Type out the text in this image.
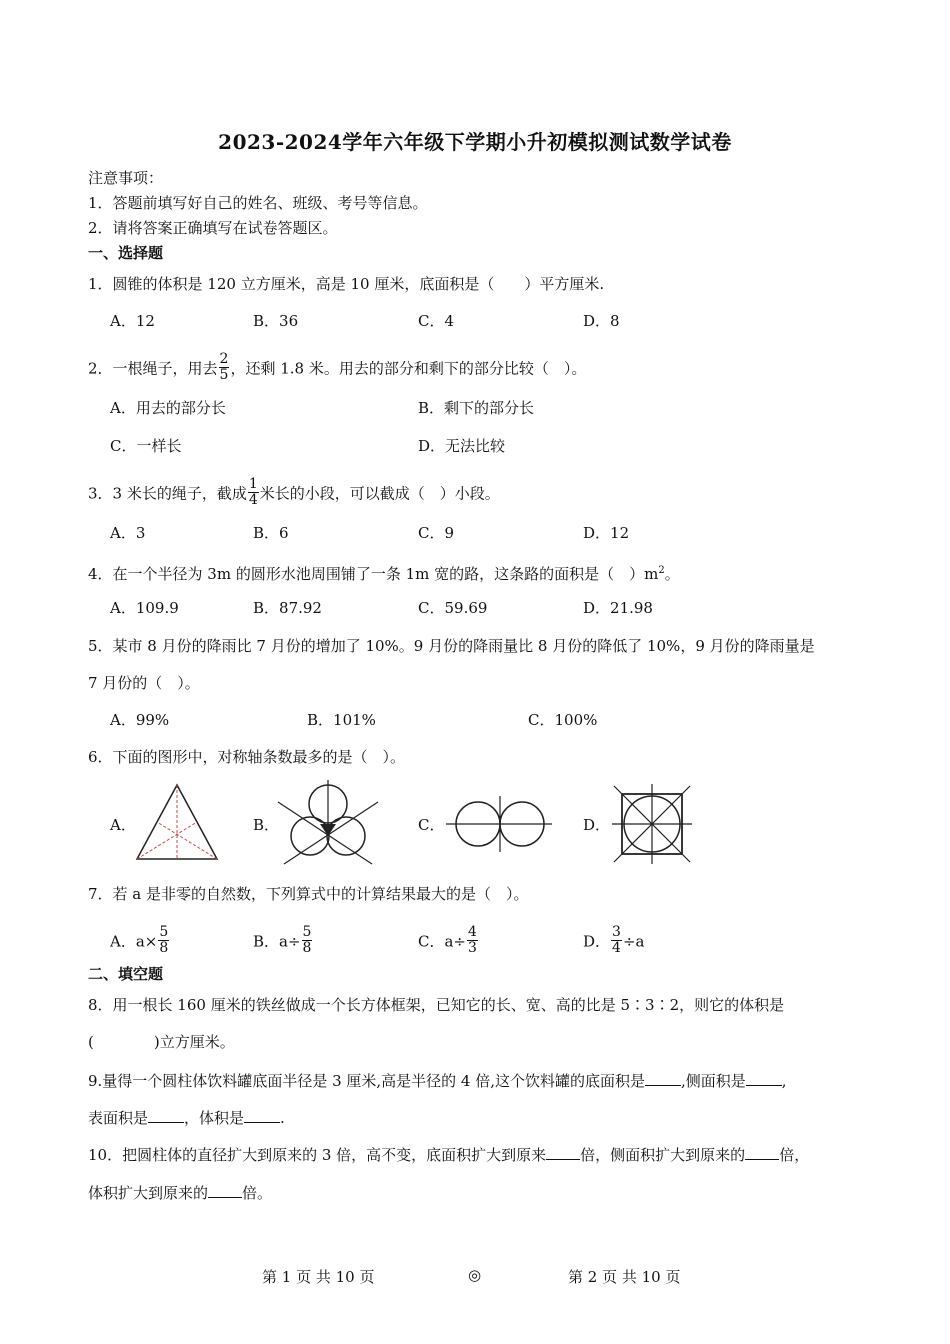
2023-2024学年六年级下学期小升初模拟测试数学试卷
注意事项：
1．答题前填写好自己的姓名、班级、考号等信息。
2．请将答案正确填写在试卷答题区。
一、选择题
1．圆锥的体积是 120 立方厘米，高是 10 厘米，底面积是（　　）平方厘米.
A．12	B．36	C．4	D．8
2．一根绳子，用去 $\frac{2}{5}$ ，还剩 1.8 米。用去的部分和剩下的部分比较（　）。
A．用去的部分长	B．剩下的部分长
C．一样长	D．无法比较
3．3 米长的绳子，截成 $\frac{1}{4}$ 米长的小段，可以截成（　）小段。
A．3	B．6	C．9	D．12
4．在一个半径为 3m 的圆形水池周围铺了一条 1m 宽的路，这条路的面积是（　）$m^2$。
A．109.9	B．87.92	C．59.69	D．21.98
5．某市 8 月份的降雨比 7 月份的增加了 10%。9 月份的降雨量比 8 月份的降低了 10%，9 月份的降雨量是
7 月份的（　）。
A．99%	B．101%	C．100%
6．下面的图形中，对称轴条数最多的是（　）。
A．	B．	C．	D．
7．若 a 是非零的自然数，下列算式中的计算结果最大的是（　）。
A．$a\times \frac{5}{8}$	B．$a\div \frac{5}{8}$	C．$a\div \frac{4}{3}$	D． $\frac{3}{4} \div a$
二、填空题
8．用一根长 160 厘米的铁丝做成一个长方体框架，已知它的长、宽、高的比是 5∶3∶2，则它的体积是
(　　　　)立方厘米。
9.量得一个圆柱体饮料罐底面半径是 3 厘米,高是半径的 4 倍,这个饮料罐的底面积是 ,侧面积是 ,
表面积是 ，体积是 .
10．把圆柱体的直径扩大到原来的 3 倍，高不变，底面积扩大到原来 倍，侧面积扩大到原来的 倍，
体积扩大到原来的 倍。
第 1 页 共 10 页	◎	第 2 页 共 10 页
